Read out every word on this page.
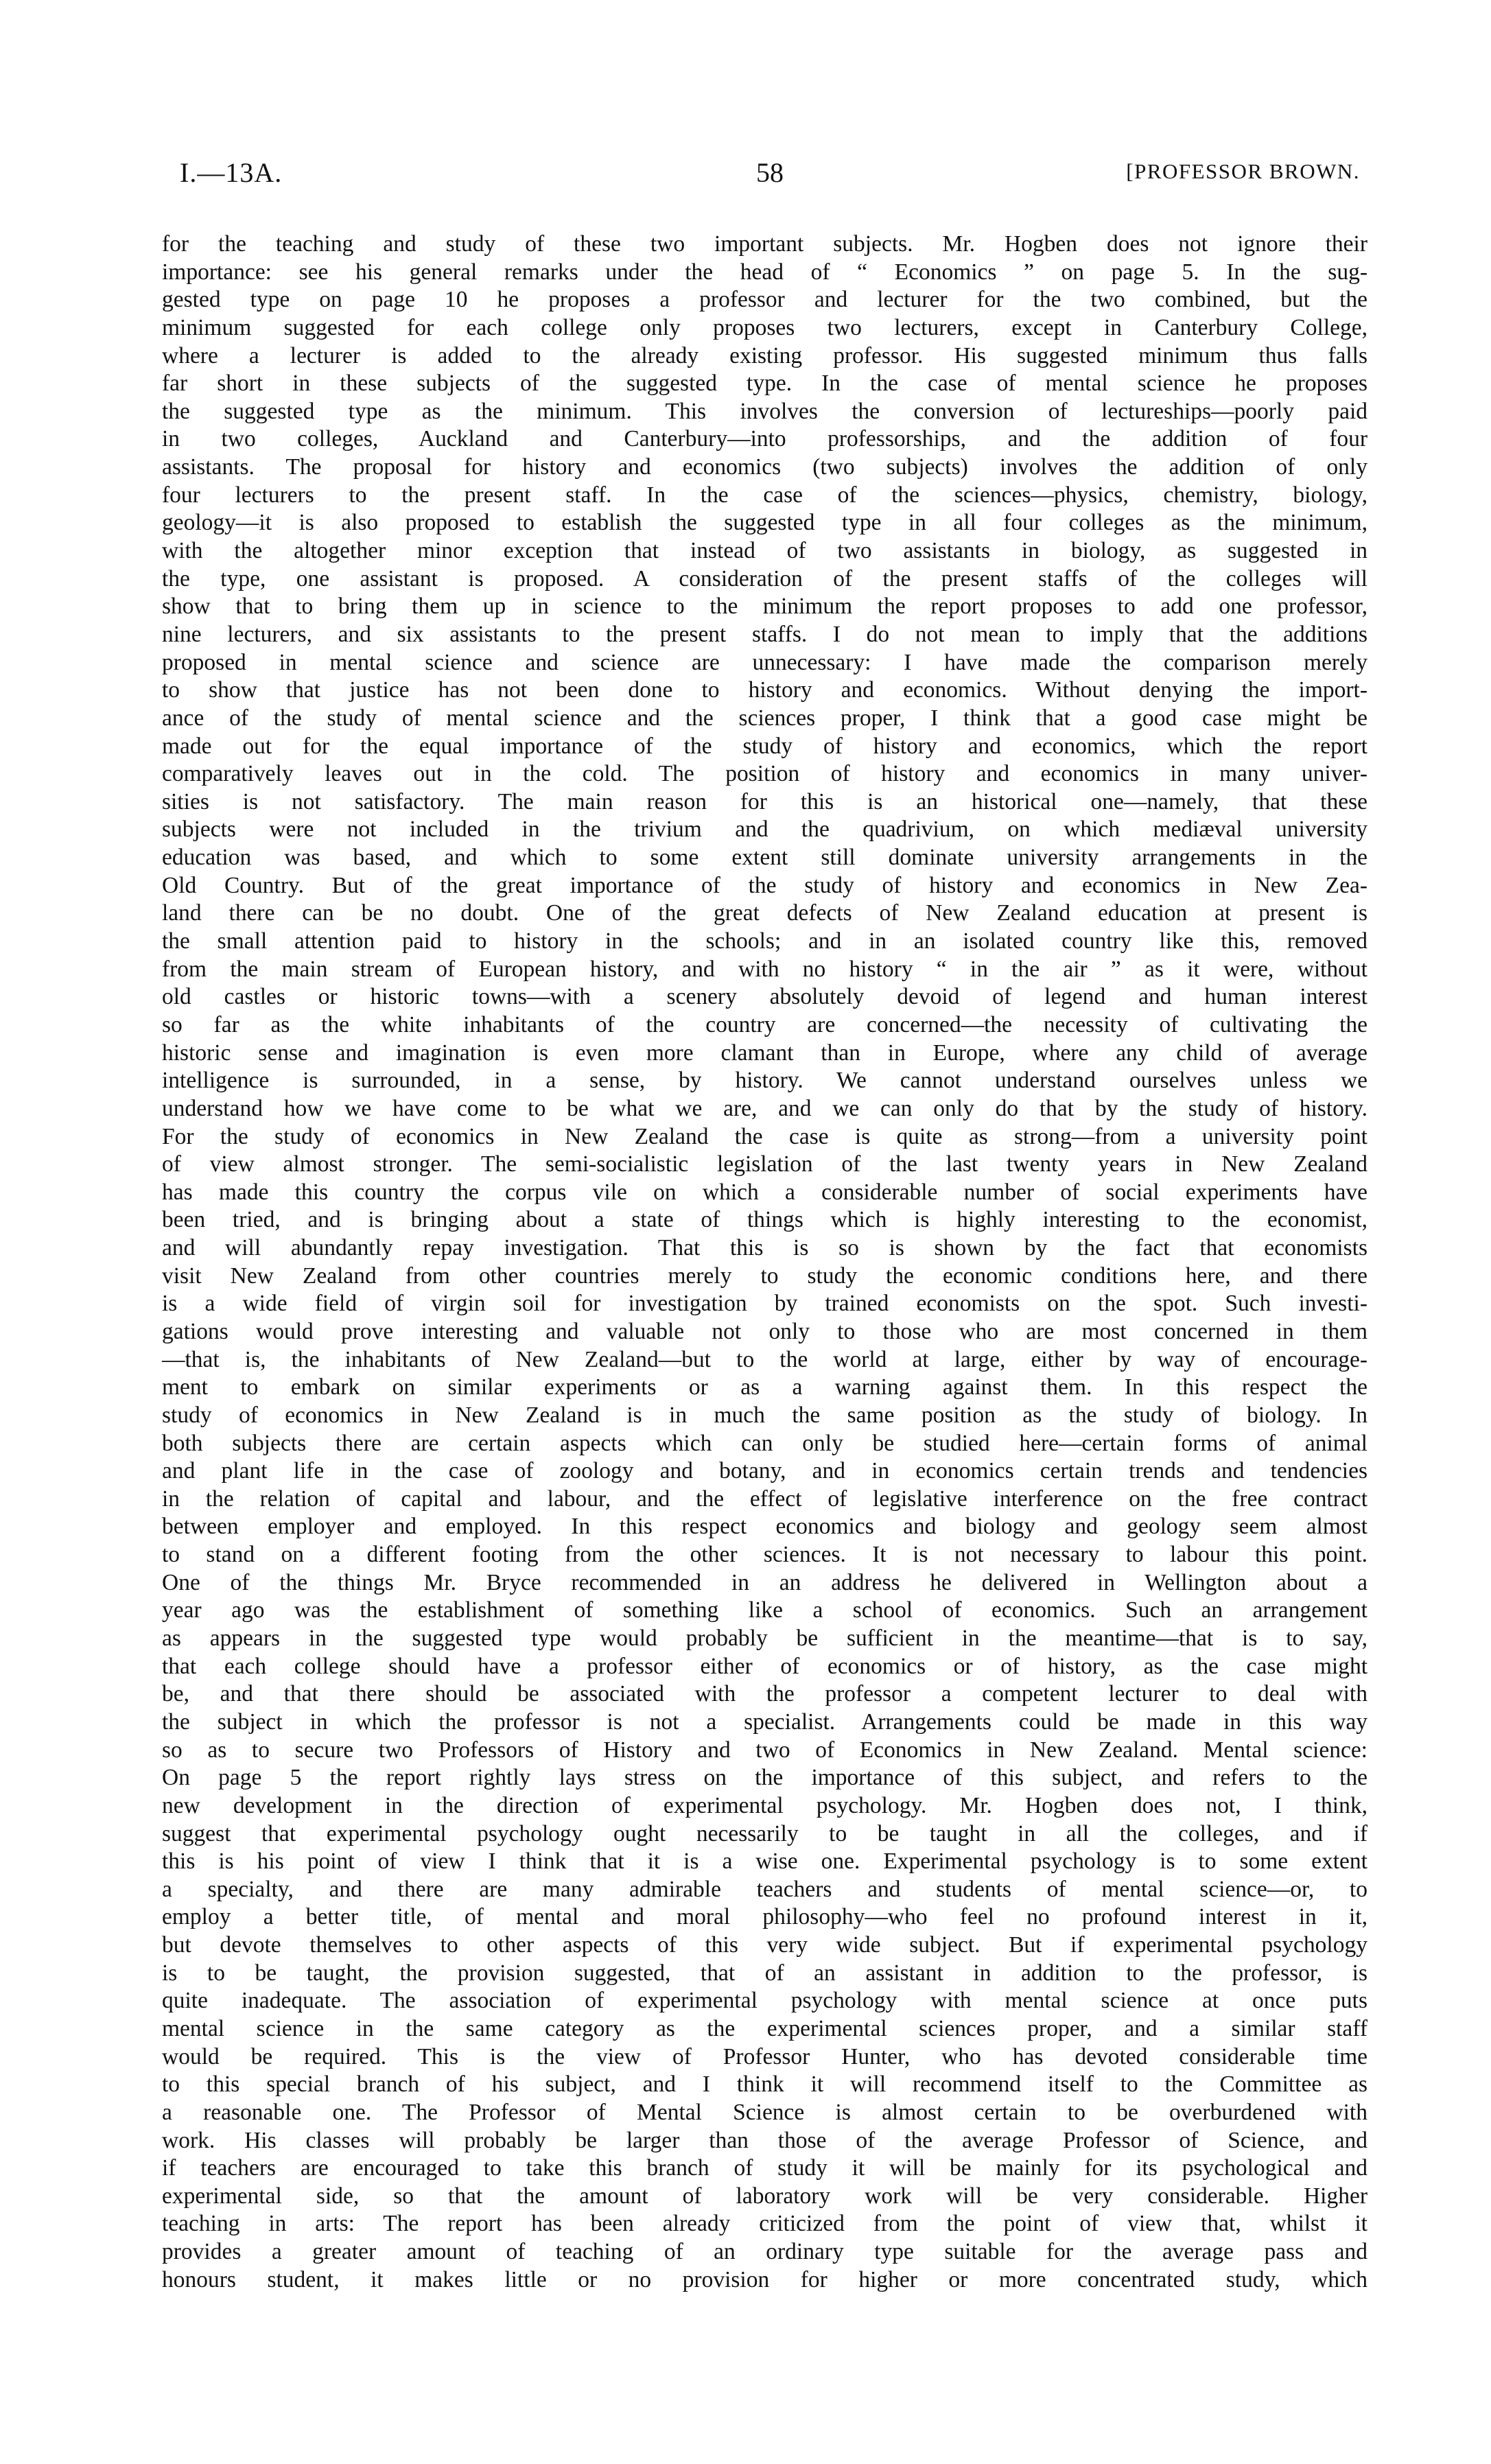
I.—13A.	58	[PROFESSOR BROWN.
for the teaching and study of these two important subjects. Mr. Hogben does not ignore their
importance: see his general remarks under the head of “ Economics ” on page 5. In the sug-
gested type on page 10 he proposes a professor and lecturer for the two combined, but the
minimum suggested for each college only proposes two lecturers, except in Canterbury College,
where a lecturer is added to the already existing professor. His suggested minimum thus falls
far short in these subjects of the suggested type. In the case of mental science he proposes
the suggested type as the minimum. This involves the conversion of lectureships—poorly paid
in two colleges, Auckland and Canterbury—into professorships, and the addition of four
assistants. The proposal for history and economics (two subjects) involves the addition of only
four lecturers to the present staff. In the case of the sciences—physics, chemistry, biology,
geology—it is also proposed to establish the suggested type in all four colleges as the minimum,
with the altogether minor exception that instead of two assistants in biology, as suggested in
the type, one assistant is proposed. A consideration of the present staffs of the colleges will
show that to bring them up in science to the minimum the report proposes to add one professor,
nine lecturers, and six assistants to the present staffs. I do not mean to imply that the additions
proposed in mental science and science are unnecessary: I have made the comparison merely
to show that justice has not been done to history and economics. Without denying the import-
ance of the study of mental science and the sciences proper, I think that a good case might be
made out for the equal importance of the study of history and economics, which the report
comparatively leaves out in the cold. The position of history and economics in many univer-
sities is not satisfactory. The main reason for this is an historical one—namely, that these
subjects were not included in the trivium and the quadrivium, on which mediæval university
education was based, and which to some extent still dominate university arrangements in the
Old Country. But of the great importance of the study of history and economics in New Zea-
land there can be no doubt. One of the great defects of New Zealand education at present is
the small attention paid to history in the schools; and in an isolated country like this, removed
from the main stream of European history, and with no history “ in the air ” as it were, without
old castles or historic towns—with a scenery absolutely devoid of legend and human interest
so far as the white inhabitants of the country are concerned—the necessity of cultivating the
historic sense and imagination is even more clamant than in Europe, where any child of average
intelligence is surrounded, in a sense, by history. We cannot understand ourselves unless we
understand how we have come to be what we are, and we can only do that by the study of history.
For the study of economics in New Zealand the case is quite as strong—from a university point
of view almost stronger. The semi-socialistic legislation of the last twenty years in New Zealand
has made this country the corpus vile on which a considerable number of social experiments have
been tried, and is bringing about a state of things which is highly interesting to the economist,
and will abundantly repay investigation. That this is so is shown by the fact that economists
visit New Zealand from other countries merely to study the economic conditions here, and there
is a wide field of virgin soil for investigation by trained economists on the spot. Such investi-
gations would prove interesting and valuable not only to those who are most concerned in them
—that is, the inhabitants of New Zealand—but to the world at large, either by way of encourage-
ment to embark on similar experiments or as a warning against them. In this respect the
study of economics in New Zealand is in much the same position as the study of biology. In
both subjects there are certain aspects which can only be studied here—certain forms of animal
and plant life in the case of zoology and botany, and in economics certain trends and tendencies
in the relation of capital and labour, and the effect of legislative interference on the free contract
between employer and employed. In this respect economics and biology and geology seem almost
to stand on a different footing from the other sciences. It is not necessary to labour this point.
One of the things Mr. Bryce recommended in an address he delivered in Wellington about a
year ago was the establishment of something like a school of economics. Such an arrangement
as appears in the suggested type would probably be sufficient in the meantime—that is to say,
that each college should have a professor either of economics or of history, as the case might
be, and that there should be associated with the professor a competent lecturer to deal with
the subject in which the professor is not a specialist. Arrangements could be made in this way
so as to secure two Professors of History and two of Economics in New Zealand. Mental science:
On page 5 the report rightly lays stress on the importance of this subject, and refers to the
new development in the direction of experimental psychology. Mr. Hogben does not, I think,
suggest that experimental psychology ought necessarily to be taught in all the colleges, and if
this is his point of view I think that it is a wise one. Experimental psychology is to some extent
a specialty, and there are many admirable teachers and students of mental science—or, to
employ a better title, of mental and moral philosophy—who feel no profound interest in it,
but devote themselves to other aspects of this very wide subject. But if experimental psychology
is to be taught, the provision suggested, that of an assistant in addition to the professor, is
quite inadequate. The association of experimental psychology with mental science at once puts
mental science in the same category as the experimental sciences proper, and a similar staff
would be required. This is the view of Professor Hunter, who has devoted considerable time
to this special branch of his subject, and I think it will recommend itself to the Committee as
a reasonable one. The Professor of Mental Science is almost certain to be overburdened with
work. His classes will probably be larger than those of the average Professor of Science, and
if teachers are encouraged to take this branch of study it will be mainly for its psychological and
experimental side, so that the amount of laboratory work will be very considerable. Higher
teaching in arts: The report has been already criticized from the point of view that, whilst it
provides a greater amount of teaching of an ordinary type suitable for the average pass and
honours student, it makes little or no provision for higher or more concentrated study, which
